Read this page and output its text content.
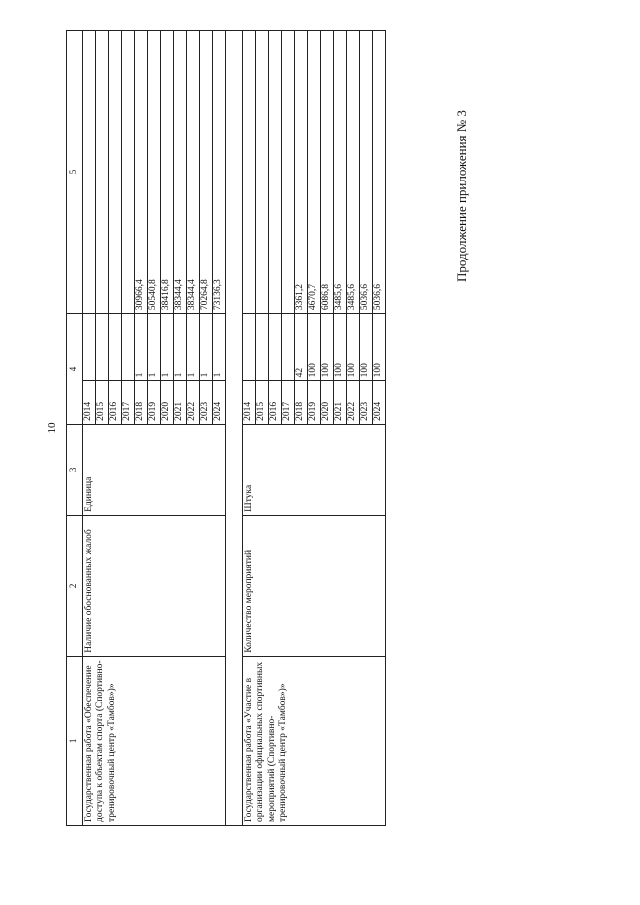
10
Продолжение приложения № 3
1	2	3	4		5
Государственная работа «Обеспечение доступа к объектам спорта (Спортивно-тренировочный центр «Тамбов»)»	Наличие обоснованных жалоб	Единица	2014		
			2015		
			2016		
			2017		
			2018	1	30966,4
			2019	1	50540,8
			2020	1	38416,8
			2021	1	38344,4
			2022	1	38344,4
			2023	1	70264,8
			2024	1	73136,3

Государственная работа «Участие в организации официальных спортивных мероприятий (Спортивно-тренировочный центр «Тамбов»)»	Количество мероприятий	Штука	2014		
			2015		
			2016		
			2017		
			2018	42	3361,2
			2019	100	4670,7
			2020	100	6086,8
			2021	100	3485,6
			2022	100	3485,6
			2023	100	5036,6
			2024	100	5036,6
